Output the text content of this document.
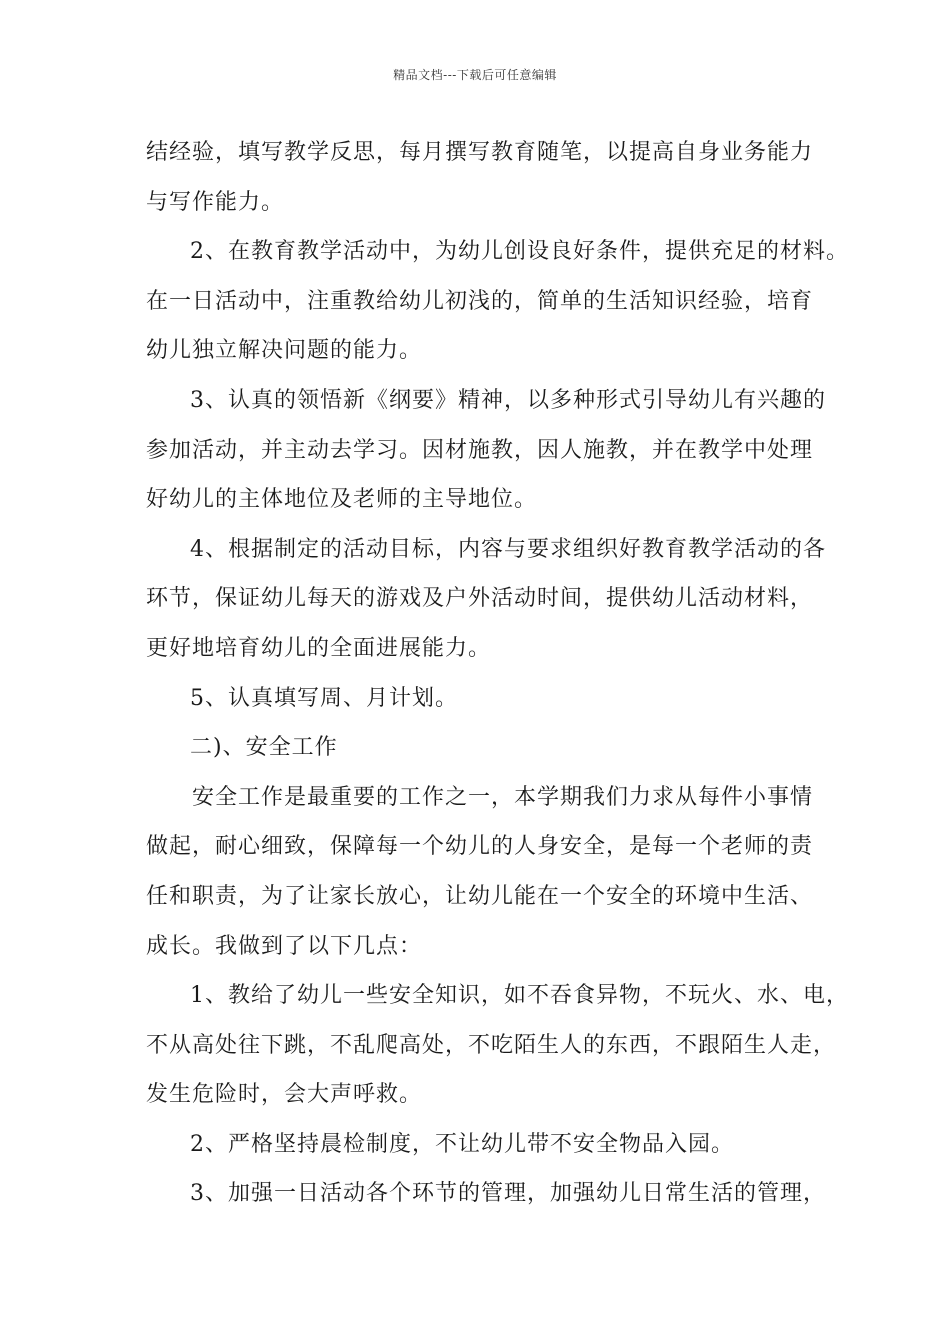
精品文档---下载后可任意编辑
结经验，填写教学反思，每月撰写教育随笔，以提高自身业务能力
与写作能力。
2、在教育教学活动中，为幼儿创设良好条件，提供充足的材料。
在一日活动中，注重教给幼儿初浅的，简单的生活知识经验，培育
幼儿独立解决问题的能力。
3、认真的领悟新《纲要》精神，以多种形式引导幼儿有兴趣的
参加活动，并主动去学习。因材施教，因人施教，并在教学中处理
好幼儿的主体地位及老师的主导地位。
4、根据制定的活动目标，内容与要求组织好教育教学活动的各
环节，保证幼儿每天的游戏及户外活动时间，提供幼儿活动材料，
更好地培育幼儿的全面进展能力。
5、认真填写周、月计划。
二)、安全工作
安全工作是最重要的工作之一，本学期我们力求从每件小事情
做起，耐心细致，保障每一个幼儿的人身安全，是每一个老师的责
任和职责，为了让家长放心，让幼儿能在一个安全的环境中生活、
成长。我做到了以下几点：
1、教给了幼儿一些安全知识，如不吞食异物，不玩火、水、电，
不从高处往下跳，不乱爬高处，不吃陌生人的东西，不跟陌生人走，
发生危险时，会大声呼救。
2、严格坚持晨检制度，不让幼儿带不安全物品入园。
3、加强一日活动各个环节的管理，加强幼儿日常生活的管理，
